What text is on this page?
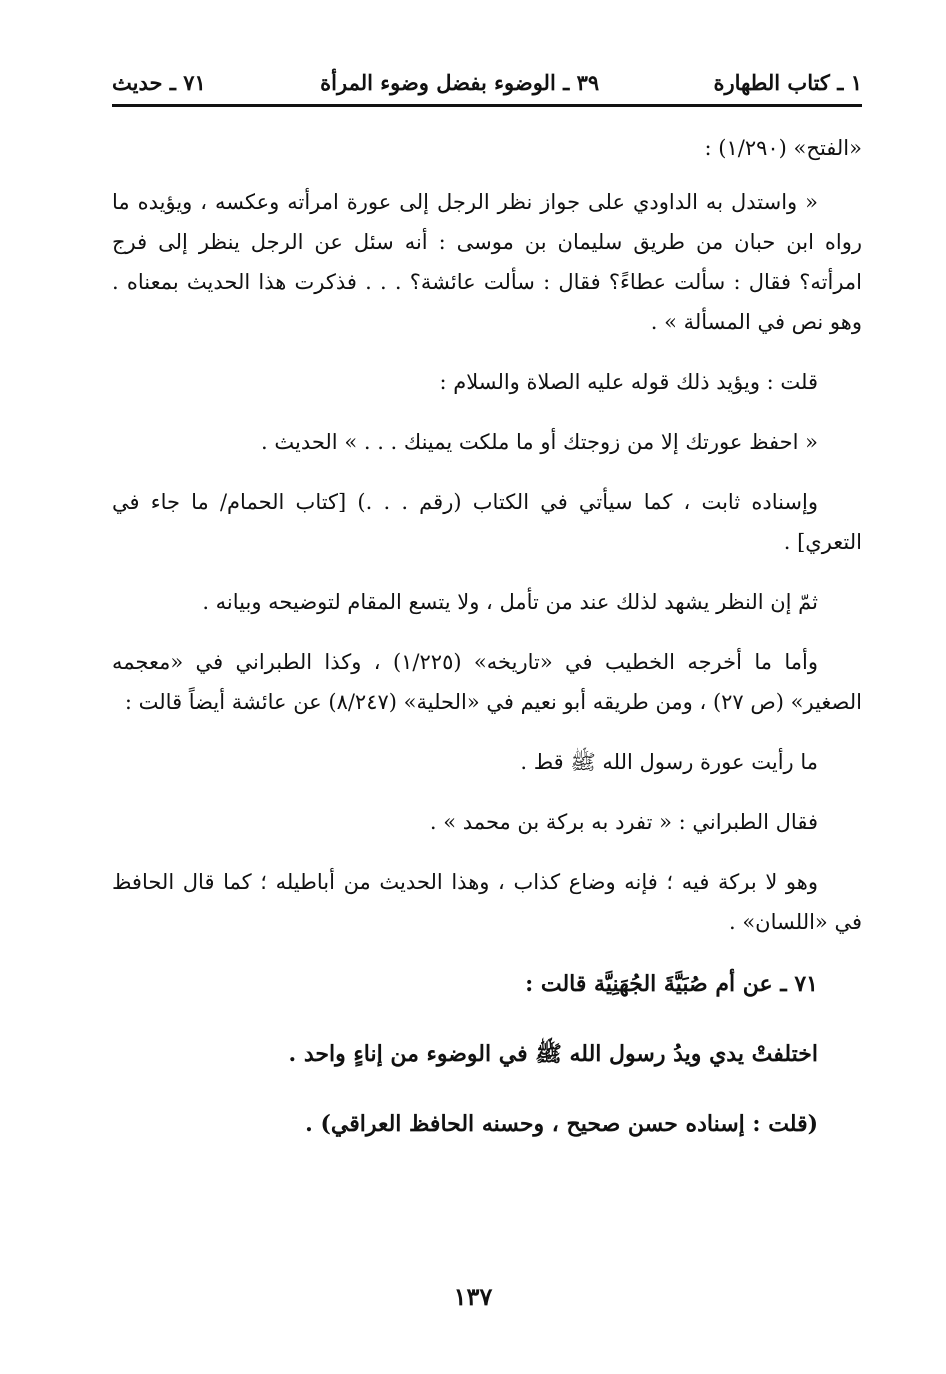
١ ـ كتاب الطهارة
٣٩ ـ الوضوء بفضل وضوء المرأة
٧١ ـ حديث

«الفتح» (١/٢٩٠) :

« واستدل به الداودي على جواز نظر الرجل إلى عورة امرأته وعكسه ، ويؤيده ما رواه ابن حبان من طريق سليمان بن موسى : أنه سئل عن الرجل ينظر إلى فرج امرأته؟ فقال : سألت عطاءً؟ فقال : سألت عائشة؟ . . . فذكرت هذا الحديث بمعناه . وهو نص في المسألة » .

قلت : ويؤيد ذلك قوله عليه الصلاة والسلام :

« احفظ عورتك إلا من زوجتك أو ما ملكت يمينك . . . » الحديث .

وإسناده ثابت ، كما سيأتي في الكتاب (رقم . . .) [كتاب الحمام/ ما جاء في التعري] .

ثمّ إن النظر يشهد لذلك عند من تأمل ، ولا يتسع المقام لتوضيحه وبيانه .

وأما ما أخرجه الخطيب في «تاريخه» (١/٢٢٥) ، وكذا الطبراني في «معجمه الصغير» (ص ٢٧) ، ومن طريقه أبو نعيم في «الحلية» (٨/٢٤٧) عن عائشة أيضاً قالت :

ما رأيت عورة رسول الله ﷺ قط .

فقال الطبراني : « تفرد به بركة بن محمد » .

وهو لا بركة فيه ؛ فإنه وضاع كذاب ، وهذا الحديث من أباطيله ؛ كما قال الحافظ في «اللسان» .

٧١ ـ عن أم صُبَيَّةَ الجُهَنِيَّة قالت :

اختلفتْ يدي ويدُ رسول الله ﷺ في الوضوء من إناءٍ واحد .

(قلت : إسناده حسن صحيح ، وحسنه الحافظ العراقي) .

١٣٧
